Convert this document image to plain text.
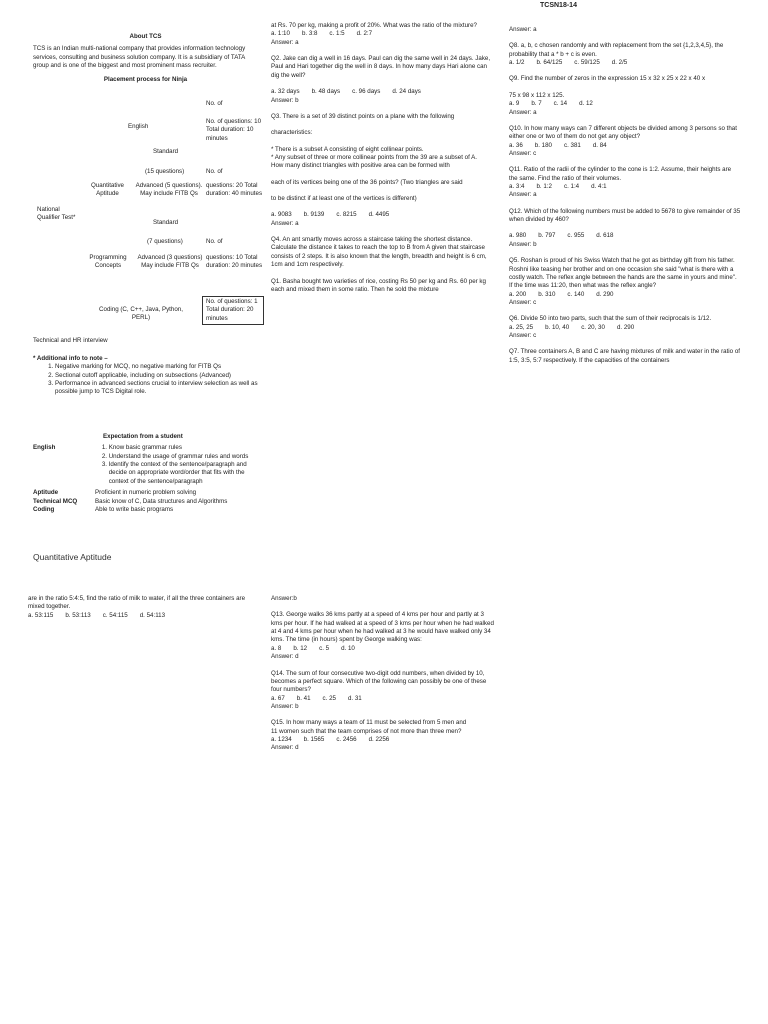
TCSN18-14
About TCS
TCS is an Indian multi-national company that provides information technology services, consulting and business solution company. It is a subsidiary of TATA group and is one of the biggest and most prominent mass recruiter.
Placement process for Ninja
No. of
English
No. of questions: 10 Total duration: 10 minutes
Standard
(15 questions)	No. of
Quantitative Aptitude
Advanced (5 questions). May include FITB Qs
questions: 20 Total duration: 40 minutes
National Qualifier Test*
Standard
(7 questions)	No. of
Programming Concepts
Advanced (3 questions) May include FITB Qs
questions: 10 Total duration: 20 minutes
Coding (C, C++, Java, Python, PERL)
No. of questions: 1 Total duration: 20 minutes
Technical and HR interview
* Additional info to note –
1. Negative marking for MCQ, no negative marking for FITB Qs
2. Sectional cutoff applicable, including on subsections (Advanced)
3. Performance in advanced sections crucial to interview selection as well as possible jump to TCS Digital role.
Expectation from a student
English
1.	Know basic grammar rules
2. Understand the usage of grammar rules and words
3. Identify the context of the sentence/paragraph and decide on appropriate word/order that fits with the context of the sentence/paragraph
Aptitude	Proficient in numeric problem solving
Technical MCQ	Basic know of C, Data structures and Algorithms
Coding	Able to write basic programs
Quantitative Aptitude
are in the ratio 5:4:5, find the ratio of milk to water, if all the three containers are mixed together.
a. 53:115 b. 53:113 c. 54:115 d. 54:113
at Rs. 70 per kg, making a profit of 20%. What was the ratio of the mixture?
a. 1:10 b. 3:8 c. 1:5 d. 2:7
Answer: a
Q2. Jake can dig a well in 16 days. Paul can dig the same well in 24 days. Jake, Paul and Hari together dig the well in 8 days. In how many days Hari alone can dig the well?
a. 32 days b. 48 days c. 96 days d. 24 days
Answer: b
Q3. There is a set of 39 distinct points on a plane with the following
characteristics:
* There is a subset A consisting of eight collinear points.
* Any subset of three or more collinear points from the 39 are a subset of A.
How many distinct triangles with positive area can be formed with
each of its vertices being one of the 36 points? (Two triangles are said
to be distinct if at least one of the vertices is different)
a. 9083 b. 9139 c. 8215 d. 4495
Answer: a
Q4. An ant smartly moves across a staircase taking the shortest distance. Calculate the distance it takes to reach the top to B from A given that staircase consists of 2 steps. It is also known that the length, breadth and height is 6 cm, 1cm and 1cm respectively.
Q1. Basha bought two varieties of rice, costing Rs 50 per kg and Rs. 60 per kg each and mixed them in some ratio. Then he sold the mixture
Answer:b
Q13. George walks 36 kms partly at a speed of 4 kms per hour and partly at 3 kms per hour. If he had walked at a speed of 3 kms per hour when he had walked at 4 and 4 kms per hour when he had walked at 3 he would have walked only 34 kms. The time (in hours) spent by George walking was:
a. 8 b. 12 c. 5 d. 10
Answer: d
Q14. The sum of four consecutive two-digit odd numbers, when divided by 10, becomes a perfect square. Which of the following can possibly be one of these four numbers?
a. 67 b. 41 c. 25 d. 31
Answer: b
Q15. In how many ways a team of 11 must be selected from 5 men and
11 women such that the team comprises of not more than three men?
a. 1234 b. 1565 c. 2456 d. 2256
Answer: d
Answer: a
Q8. a, b, c chosen randomly and with replacement from the set {1,2,3,4,5}, the probability that a * b + c is even.
a. 1/2 b. 64/125 c. 59/125 d. 2/5
Q9. Find the number of zeros in the expression 15 x 32 x 25 x 22 x 40 x
75 x 98 x 112 x 125.
a. 9 b. 7 c. 14 d. 12
Answer: a
Q10. In how many ways can 7 different objects be divided among 3 persons so that either one or two of them do not get any object?
a. 36 b. 180 c. 381 d. 84
Answer: c
Q11. Ratio of the radii of the cylinder to the cone is 1:2. Assume, their heights are the same. Find the ratio of their volumes.
a. 3:4 b. 1:2 c. 1:4 d. 4:1
Answer: a
Q12. Which of the following numbers must be added to 5678 to give remainder of 35 when divided by 460?
a. 980 b. 797 c. 955 d. 618
Answer: b
Q5. Roshan is proud of his Swiss Watch that he got as birthday gift from his father. Roshni like teasing her brother and on one occasion she said "what is there with a costly watch. The reflex angle between the hands are the same in yours and mine". If the time was 11:20, then what was the reflex angle?
a. 200 b. 310 c. 140 d. 290
Answer: c
Q6. Divide 50 into two parts, such that the sum of their reciprocals is 1/12.
a. 25, 25 b. 10, 40 c. 20, 30 d. 290
Answer: c
Q7. Three containers A, B and C are having mixtures of milk and water in the ratio of 1:5, 3:5, 5:7 respectively. If the capacities of the containers
